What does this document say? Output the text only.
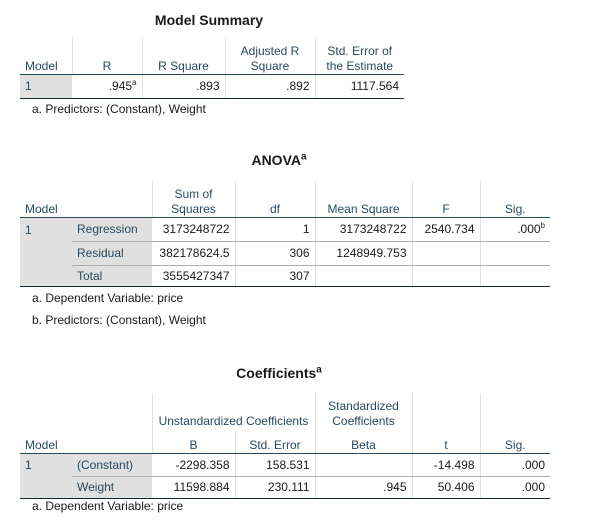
Model Summary
Model	R	R Square	Adjusted R Square	Std. Error of the Estimate
1	.945$^a$	.893	.892	1117.564
a. Predictors: (Constant), Weight
ANOVA$^a$
Model		Sum of Squares	df	Mean Square	F	Sig.
1	Regression	3173248722	1	3173248722	2540.734	.000$^b$
	Residual	382178624.5	306	1248949.753		
	Total	3555427347	307			
a. Dependent Variable: price
b. Predictors: (Constant), Weight
Coefficients$^a$
		Unstandardized Coefficients		Standardized Coefficients		
Model		B	Std. Error	Beta	t	Sig.
1	(Constant)	-2298.358	158.531		-14.498	.000
	Weight	11598.884	230.111	.945	50.406	.000
a. Dependent Variable: price
